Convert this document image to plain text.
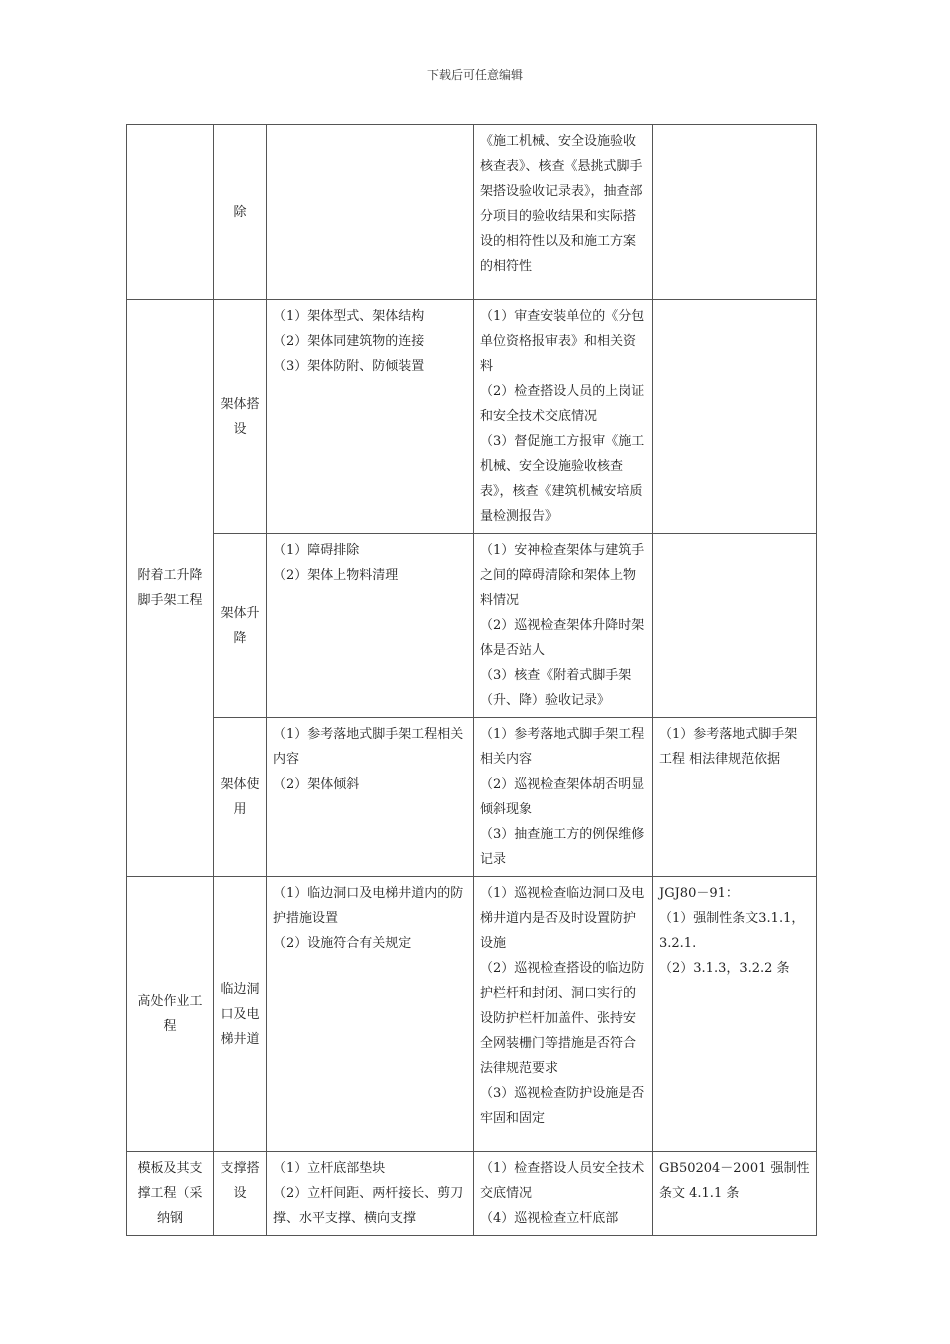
下载后可任意编辑
	除		《施工机械、安全设施验收核查表》、核查《悬挑式脚手架搭设验收记录表》，抽查部分项目的验收结果和实际搭设的相符性以及和施工方案的相符性	

附着工升降脚手架工程	架体搭设	（1）架体型式、架体结构
（2）架体同建筑物的连接
（3）架体防附、防倾装置	（1）审查安装单位的《分包单位资格报审表》和相关资料
（2）检查搭设人员的上岗证和安全技术交底情况
（3）督促施工方报审《施工机械、安全设施验收核查表》，核查《建筑机械安培质量检测报告》	

	架体升降	（1）障碍排除
（2）架体上物料清理	（1）安神检查架体与建筑手之间的障碍清除和架体上物料情况
（2）巡视检查架体升降时架体是否站人
（3）核查《附着式脚手架（升、降）验收记录》	

	架体使用	（1）参考落地式脚手架工程相关内容
（2）架体倾斜	（1）参考落地式脚手架工程相关内容
（2）巡视检查架体胡否明显倾斜现象
（3）抽查施工方的例保维修记录	（1）参考落地式脚手架工程 相法律规范依据

高处作业工程	临边洞口及电梯井道	（1）临边洞口及电梯井道内的防护措施设置
（2）设施符合有关规定	（1）巡视检查临边洞口及电梯井道内是否及时设置防护设施
（2）巡视检查搭设的临边防护栏杆和封闭、洞口实行的设防护栏杆加盖件、张持安全网装栅门等措施是否符合法律规范要求
（3）巡视检查防护设施是否牢固和固定	JGJ80－91：
（1）强制性条文3.1.1，3.2.1.
（2）3.1.3，3.2.2 条

模板及其支撑工程（采纳钢	支撑搭设	（1）立杆底部垫块
（2）立杆间距、两杆接长、剪刀撑、水平支撑、横向支撑	（1）检查搭设人员安全技术交底情况
（4）巡视检查立杆底部	GB50204－2001 强制性条文 4.1.1 条
